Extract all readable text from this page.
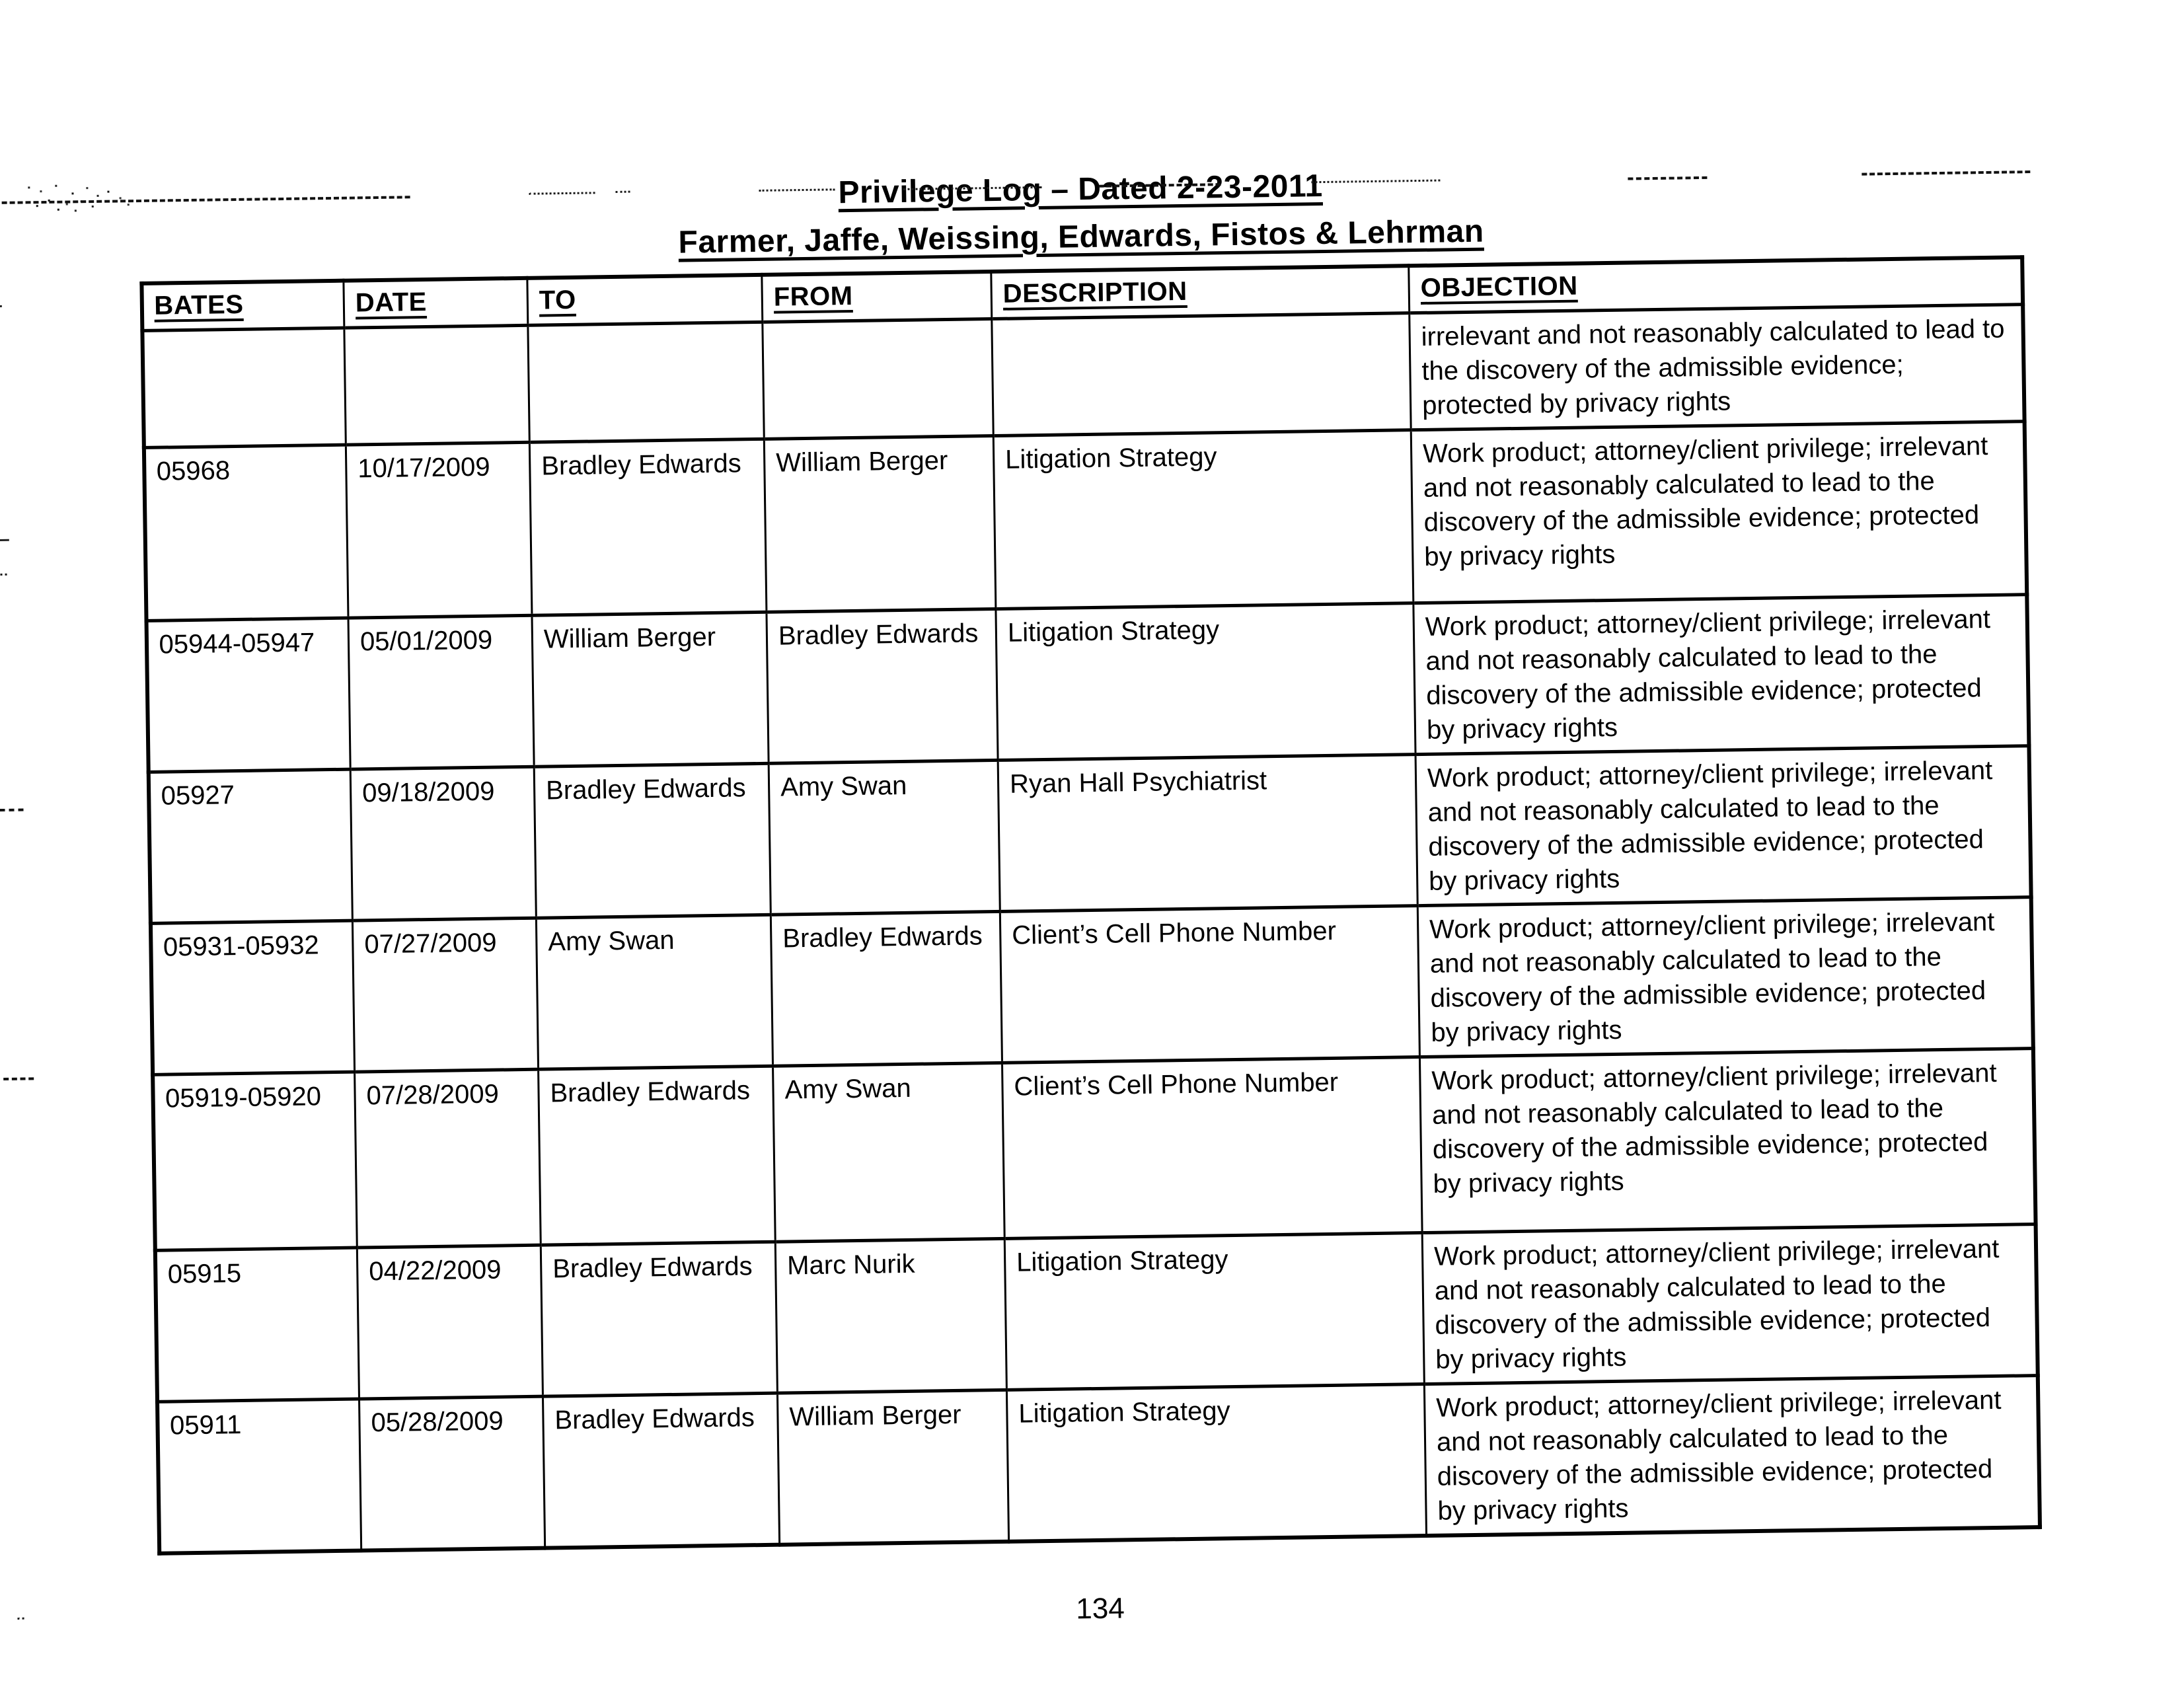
Privilege Log – Dated 2-23-2011
Farmer, Jaffe, Weissing, Edwards, Fistos & Lehrman
BATES	DATE	TO	FROM	DESCRIPTION	OBJECTION
					irrelevant and not reasonably calculated to lead to the discovery of the admissible evidence; protected by privacy rights
05968	10/17/2009	Bradley Edwards	William Berger	Litigation Strategy	Work product; attorney/client privilege; irrelevant and not reasonably calculated to lead to the discovery of the admissible evidence; protected by privacy rights
05944-05947	05/01/2009	William Berger	Bradley Edwards	Litigation Strategy	Work product; attorney/client privilege; irrelevant and not reasonably calculated to lead to the discovery of the admissible evidence; protected by privacy rights
05927	09/18/2009	Bradley Edwards	Amy Swan	Ryan Hall Psychiatrist	Work product; attorney/client privilege; irrelevant and not reasonably calculated to lead to the discovery of the admissible evidence; protected by privacy rights
05931-05932	07/27/2009	Amy Swan	Bradley Edwards	Client’s Cell Phone Number	Work product; attorney/client privilege; irrelevant and not reasonably calculated to lead to the discovery of the admissible evidence; protected by privacy rights
05919-05920	07/28/2009	Bradley Edwards	Amy Swan	Client’s Cell Phone Number	Work product; attorney/client privilege; irrelevant and not reasonably calculated to lead to the discovery of the admissible evidence; protected by privacy rights
05915	04/22/2009	Bradley Edwards	Marc Nurik	Litigation Strategy	Work product; attorney/client privilege; irrelevant and not reasonably calculated to lead to the discovery of the admissible evidence; protected by privacy rights
05911	05/28/2009	Bradley Edwards	William Berger	Litigation Strategy	Work product; attorney/client privilege; irrelevant and not reasonably calculated to lead to the discovery of the admissible evidence; protected by privacy rights
134
